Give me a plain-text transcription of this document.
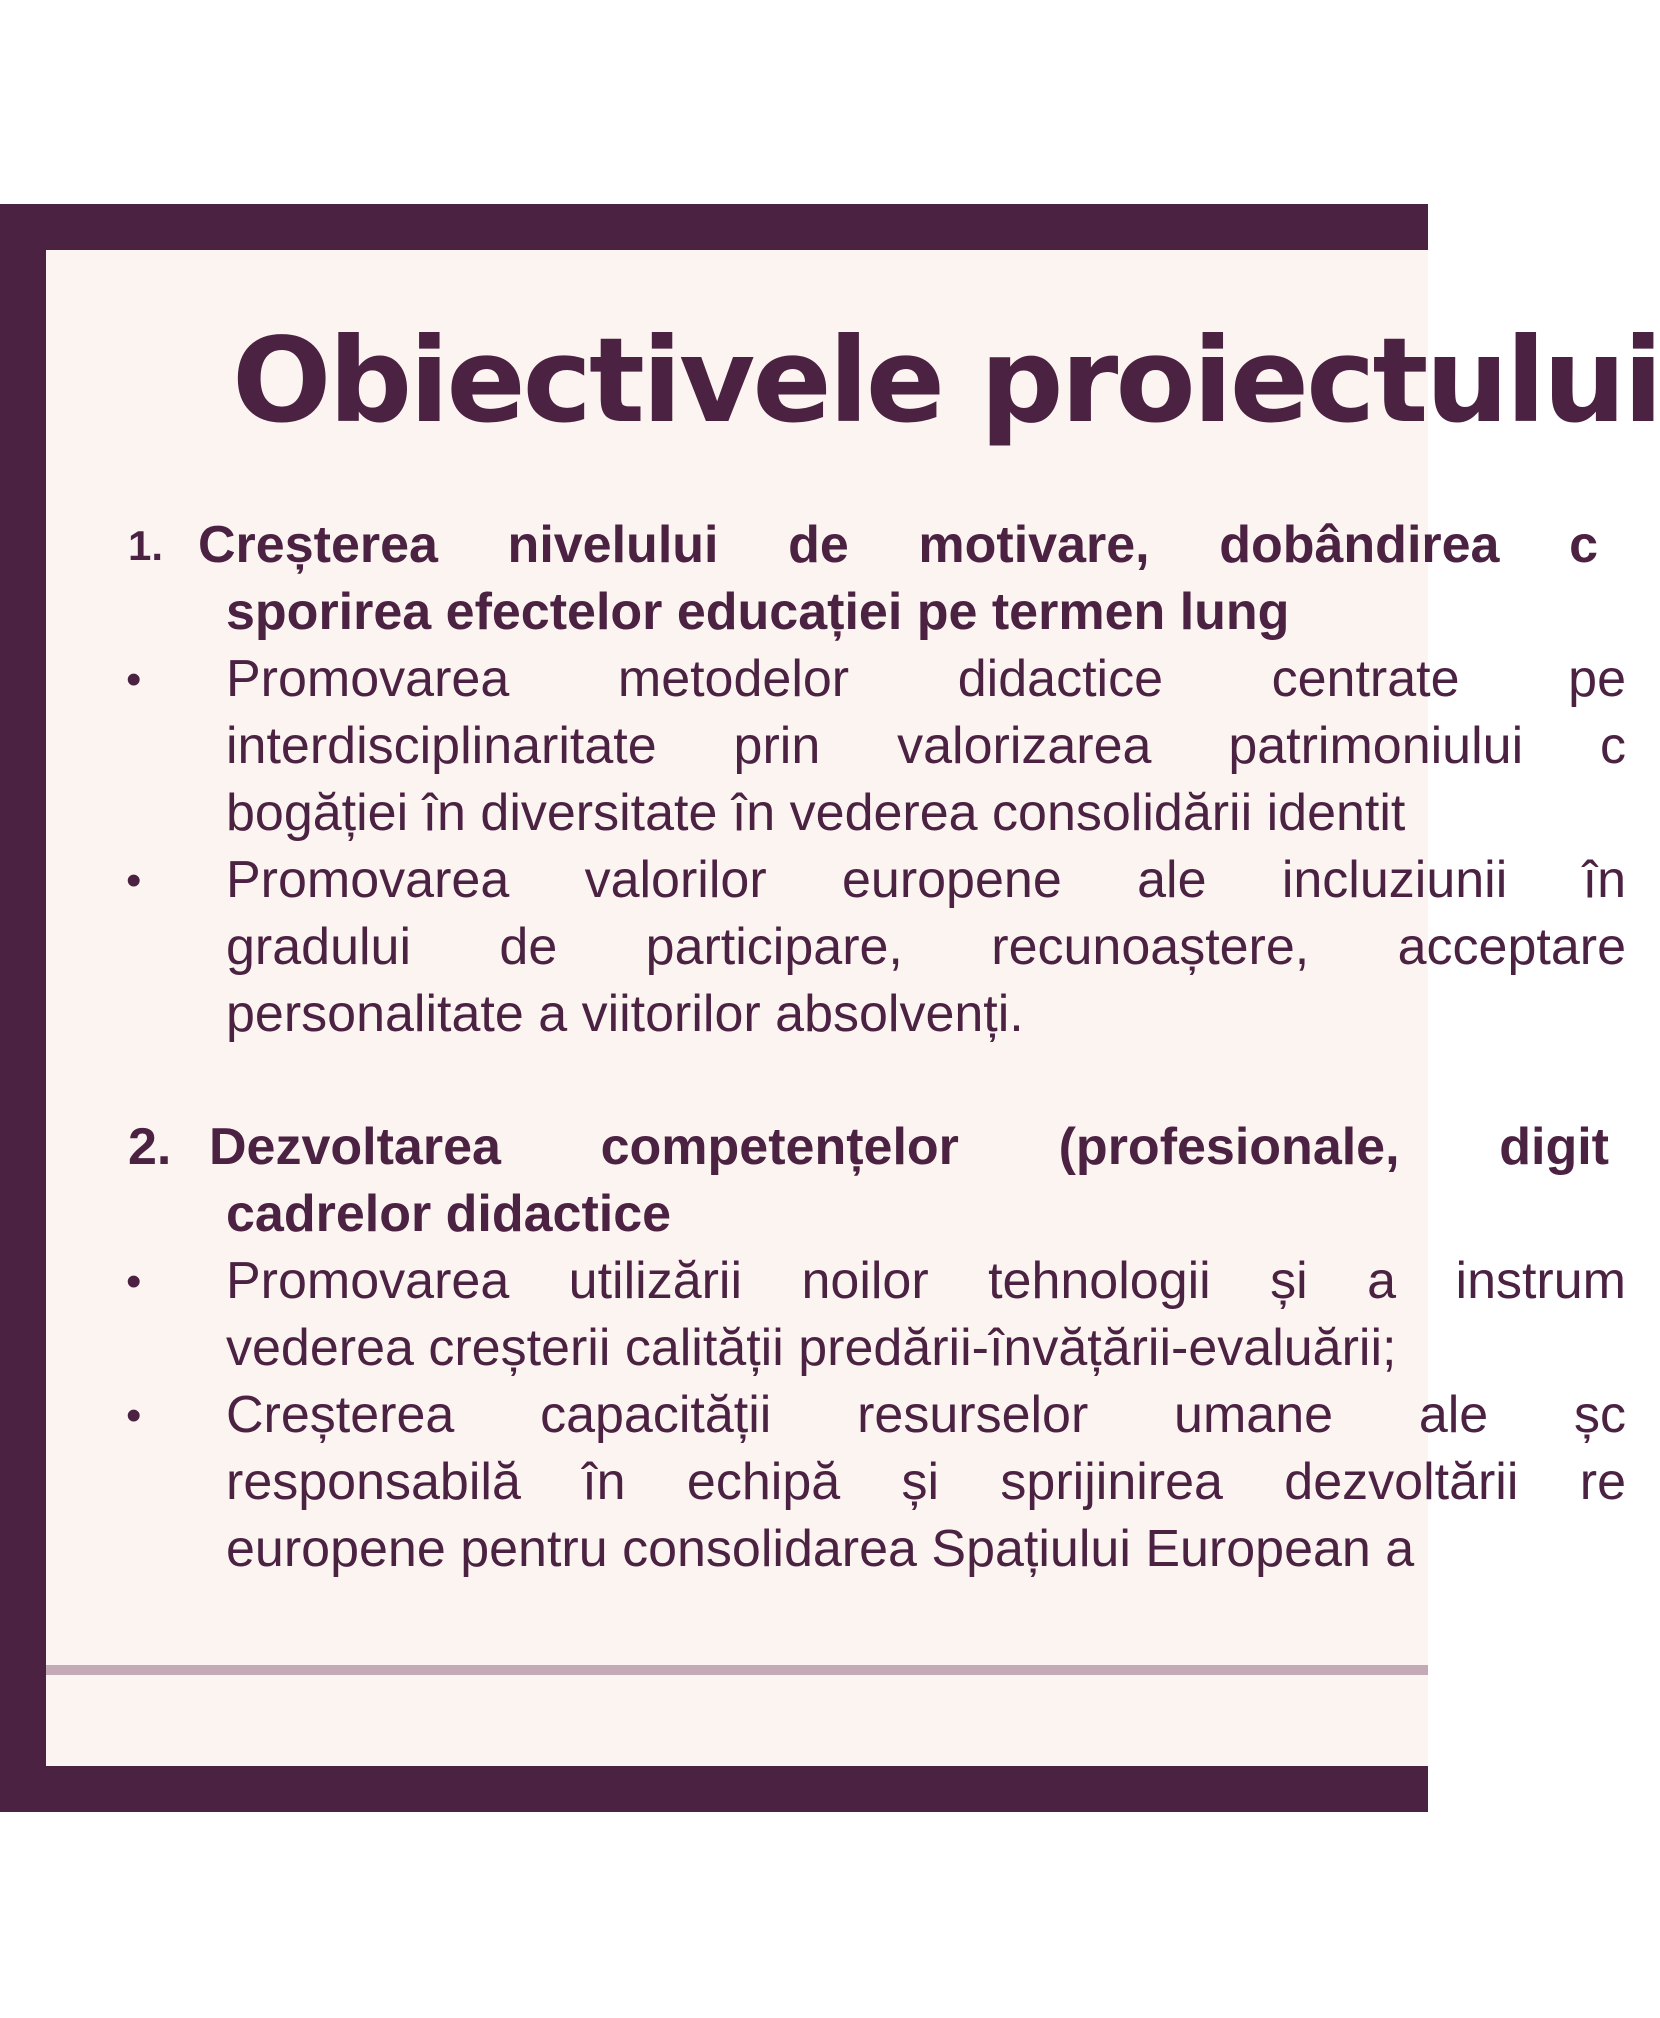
Obiectivele proiectului
1. Creșterea nivelului de motivare, dobândirea c
sporirea efectelor educației pe termen lung
• Promovarea metodelor didactice centrate pe
interdisciplinaritate prin valorizarea patrimoniului c
bogăției în diversitate în vederea consolidării identit
• Promovarea valorilor europene ale incluziunii în
gradului de participare, recunoaștere, acceptare
personalitate a viitorilor absolvenți.
2. Dezvoltarea competențelor (profesionale, digit
cadrelor didactice
• Promovarea utilizării noilor tehnologii și a instrum
vederea creșterii calității predării-învățării-evaluării;
• Creșterea capacității resurselor umane ale șc
responsabilă în echipă și sprijinirea dezvoltării re
europene pentru consolidarea Spațiului European a
